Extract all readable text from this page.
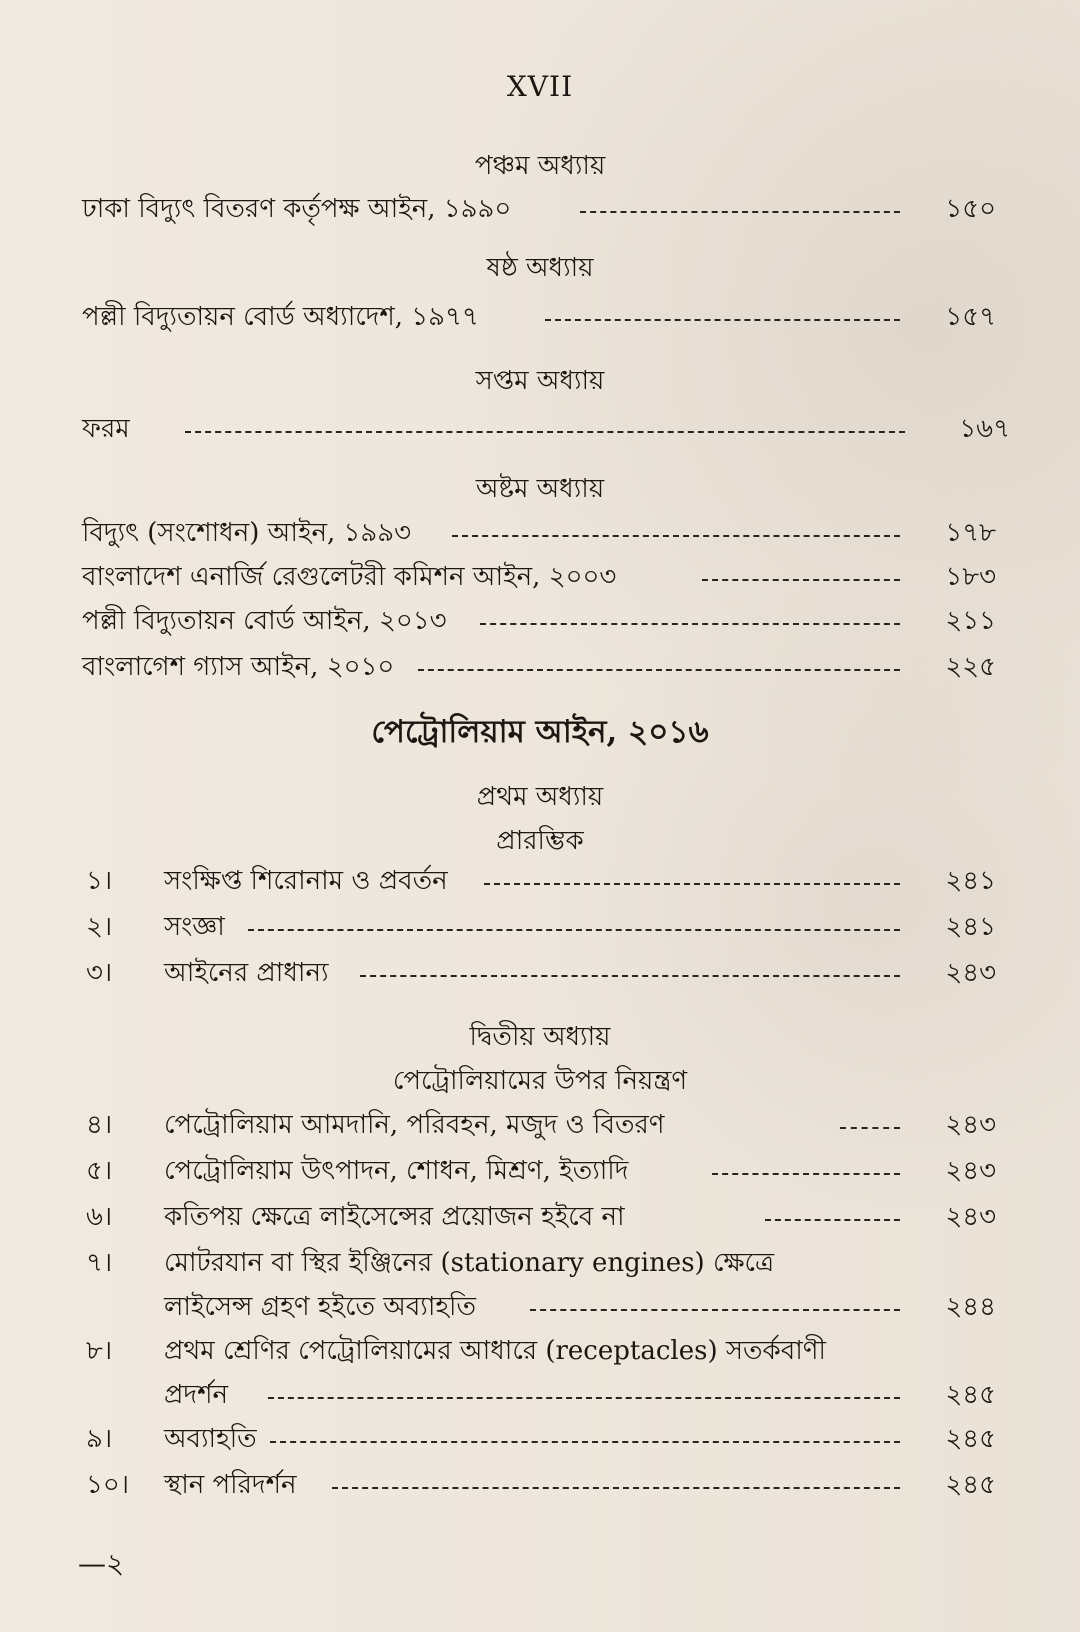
XVII
পঞ্চম অধ্যায়
ঢাকা বিদ্যুৎ বিতরণ কর্তৃপক্ষ আইন, ১৯৯০	১৫০
ষষ্ঠ অধ্যায়
পল্লী বিদ্যুতায়ন বোর্ড অধ্যাদেশ, ১৯৭৭	১৫৭
সপ্তম অধ্যায়
ফরম	১৬৭
অষ্টম অধ্যায়
বিদ্যুৎ (সংশোধন) আইন, ১৯৯৩	১৭৮
বাংলাদেশ এনার্জি রেগুলেটরী কমিশন আইন, ২০০৩	১৮৩
পল্লী বিদ্যুতায়ন বোর্ড আইন, ২০১৩	২১১
বাংলাগেশ গ্যাস আইন, ২০১০	২২৫
পেট্রোলিয়াম আইন, ২০১৬
প্রথম অধ্যায়
প্রারম্ভিক
১। সংক্ষিপ্ত শিরোনাম ও প্রবর্তন	২৪১
২। সংজ্ঞা	২৪১
৩। আইনের প্রাধান্য	২৪৩
দ্বিতীয় অধ্যায়
পেট্রোলিয়ামের উপর নিয়ন্ত্রণ
৪। পেট্রোলিয়াম আমদানি, পরিবহন, মজুদ ও বিতরণ	২৪৩
৫। পেট্রোলিয়াম উৎপাদন, শোধন, মিশ্রণ, ইত্যাদি	২৪৩
৬। কতিপয় ক্ষেত্রে লাইসেন্সের প্রয়োজন হইবে না	২৪৩
৭। মোটরযান বা স্থির ইঞ্জিনের (stationary engines) ক্ষেত্রে
লাইসেন্স গ্রহণ হইতে অব্যাহতি	২৪৪
৮। প্রথম শ্রেণির পেট্রোলিয়ামের আধারে (receptacles) সতর্কবাণী
প্রদর্শন	২৪৫
৯। অব্যাহতি	২৪৫
১০। স্থান পরিদর্শন	২৪৫
—২
